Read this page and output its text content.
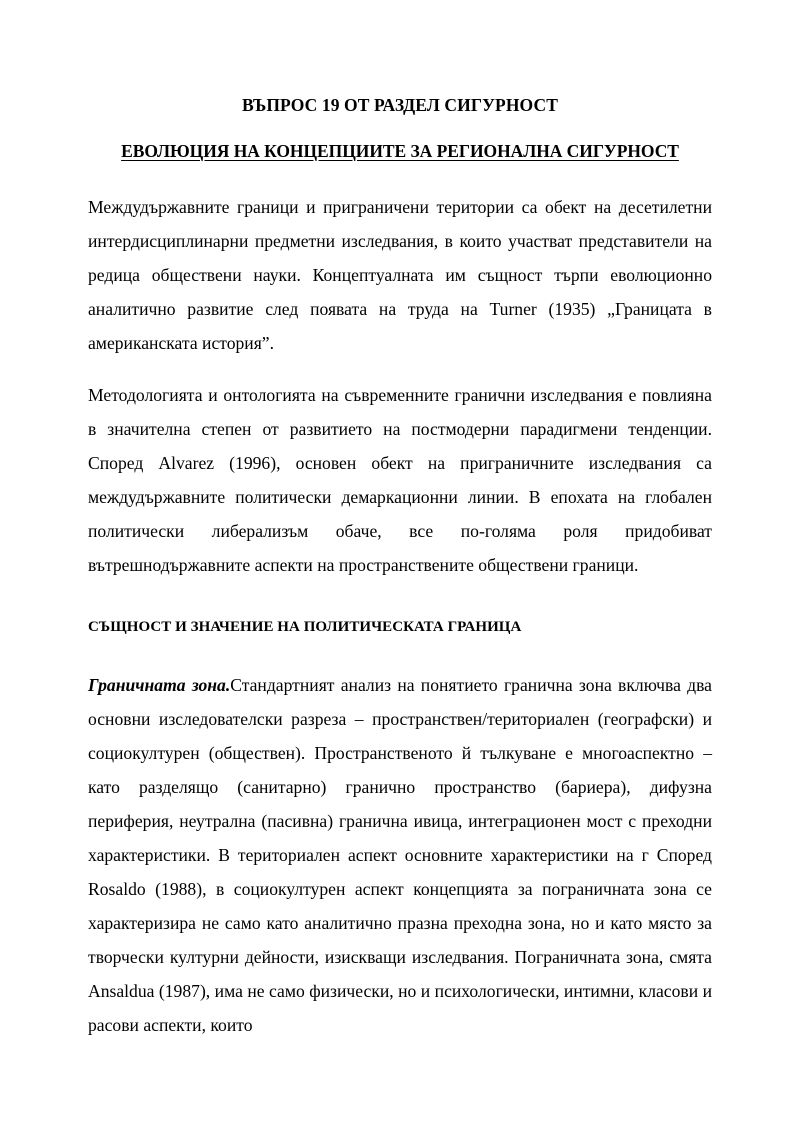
ВЪПРОС 19 ОТ РАЗДЕЛ СИГУРНОСТ
ЕВОЛЮЦИЯ НА КОНЦЕПЦИИТЕ ЗА РЕГИОНАЛНА СИГУРНОСТ

Междудържавните граници и приграничени територии са обект на десетилетни интердисциплинарни предметни изследвания, в които участват представители на редица обществени науки. Концептуалната им същност търпи еволюционно аналитично развитие след появата на труда на Turner (1935) „Границата в американската история”.

Методологията и онтологията на съвременните гранични изследвания е повлияна в значителна степен от развитието на постмодерни парадигмени тенденции. Според Alvarez (1996), основен обект на приграничните изследвания са междудържавните политически демаркационни линии. В епохата на глобален политически либерализъм обаче, все по-голяма роля придобиват вътрешнодържавните аспекти на пространствените обществени граници.

СЪЩНОСТ И ЗНАЧЕНИЕ НА ПОЛИТИЧЕСКАТА ГРАНИЦА

Граничната зона.Стандартният анализ на понятието гранична зона включва два основни изследователски разреза – пространствен/териториален (географски) и социокултурен (обществен). Пространственото й тълкуване е многоаспектно – като разделящо (санитарно) гранично пространство (бариера), дифузна периферия, неутрална (пасивна) гранична ивица, интеграционен мост с преходни характеристики. В териториален аспект основните характеристики на г Според Rosaldo (1988), в социокултурен аспект концепцията за пограничната зона се характеризира не само като аналитично празна преходна зона, но и като място за творчески културни дейности, изискващи изследвания. Пограничната зона, смята Ansaldua (1987), има не само физически, но и психологически, интимни, класови и расови аспекти, които
